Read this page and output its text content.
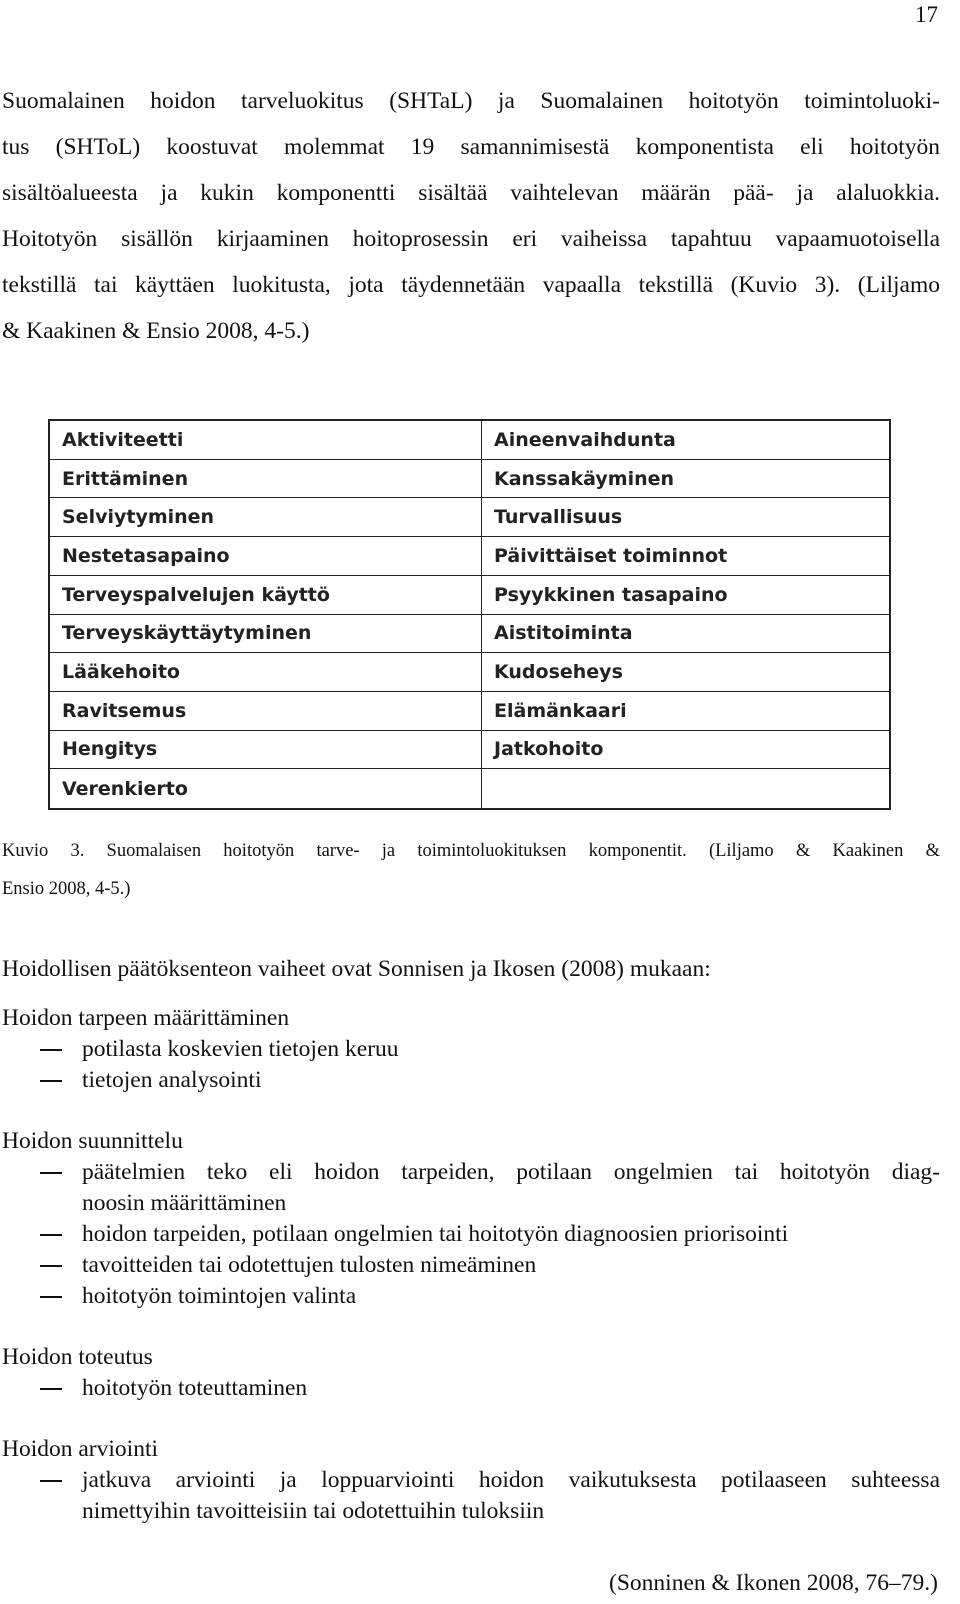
17

Suomalainen hoidon tarveluokitus (SHTaL) ja Suomalainen hoitotyön toimintoluoki-
tus (SHToL) koostuvat molemmat 19 samannimisestä komponentista eli hoitotyön
sisältöalueesta ja kukin komponentti sisältää vaihtelevan määrän pää- ja alaluokkia.
Hoitotyön sisällön kirjaaminen hoitoprosessin eri vaiheissa tapahtuu vapaamuotoisella
tekstillä tai käyttäen luokitusta, jota täydennetään vapaalla tekstillä (Kuvio 3). (Liljamo
& Kaakinen & Ensio 2008, 4-5.)

Aktiviteetti	Aineenvaihdunta
Erittäminen	Kanssakäyminen
Selviytyminen	Turvallisuus
Nestetasapaino	Päivittäiset toiminnot
Terveyspalvelujen käyttö	Psyykkinen tasapaino
Terveyskäyttäytyminen	Aistitoiminta
Lääkehoito	Kudoseheys
Ravitsemus	Elämänkaari
Hengitys	Jatkohoito
Verenkierto
Kuvio 3. Suomalaisen hoitotyön tarve- ja toimintoluokituksen komponentit. (Liljamo & Kaakinen &
Ensio 2008, 4-5.)
Hoidollisen päätöksenteon vaiheet ovat Sonnisen ja Ikosen (2008) mukaan:
Hoidon tarpeen määrittäminen
potilasta koskevien tietojen keruu
tietojen analysointi
Hoidon suunnittelu
päätelmien teko eli hoidon tarpeiden, potilaan ongelmien tai hoitotyön diag-
noosin määrittäminen
hoidon tarpeiden, potilaan ongelmien tai hoitotyön diagnoosien priorisointi
tavoitteiden tai odotettujen tulosten nimeäminen
hoitotyön toimintojen valinta
Hoidon toteutus
hoitotyön toteuttaminen
Hoidon arviointi
jatkuva arviointi ja loppuarviointi hoidon vaikutuksesta potilaaseen suhteessa
nimettyihin tavoitteisiin tai odotettuihin tuloksiin
(Sonninen & Ikonen 2008, 76–79.)
